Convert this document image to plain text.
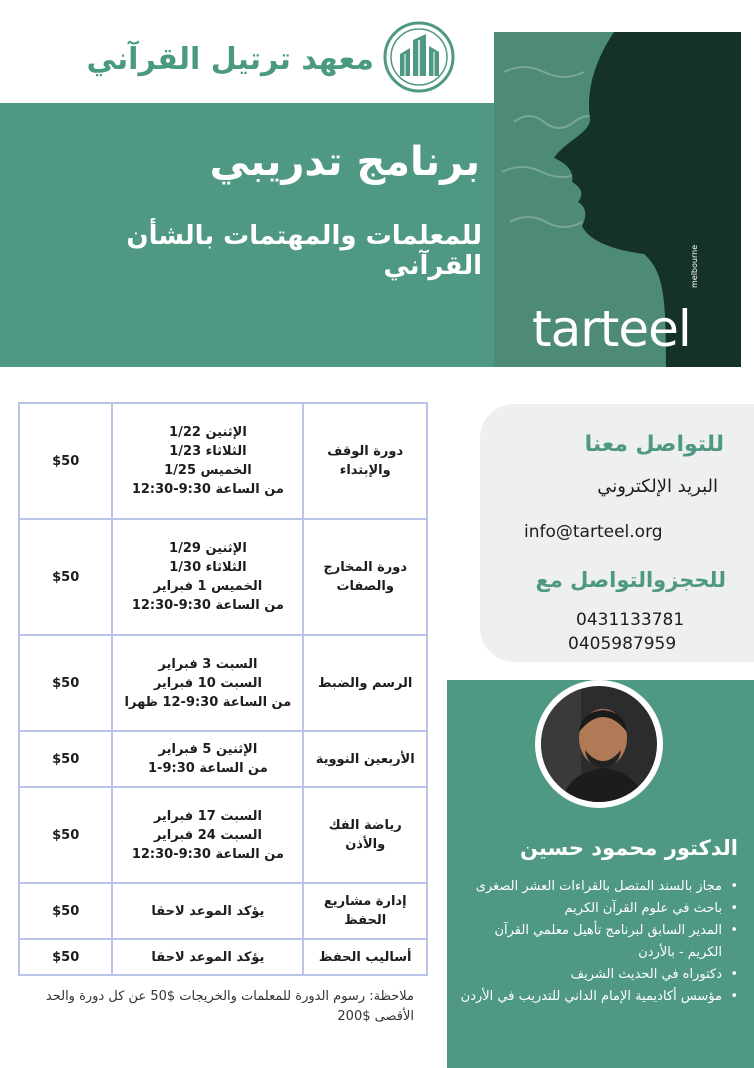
معهد ترتيل القرآني
برنامج تدريبي
للمعلمات والمهتمات بالشأن القرآني
tarteel
melbourne
دورة الوقف والإبتداء	الإثنين 1/22
الثلاثاء 1/23
الخميس 1/25
من الساعة 9:30-12:30	$50
دورة المخارج والصفات	الإثنين 1/29
الثلاثاء 1/30
الخميس 1 فبراير
من الساعة 9:30-12:30	$50
الرسم والضبط	السبت 3 فبراير
السبت 10 فبراير
من الساعة 9:30-12 ظهرا	$50
الأربعين النووية	الإثنين 5 فبراير
من الساعة 9:30-1	$50
رياضة الفك والأذن	السبت 17 فبراير
السبت 24 فبراير
من الساعة 9:30-12:30	$50
إدارة مشاريع الحفظ	يؤكد الموعد لاحقا	$50
أساليب الحفظ	يؤكد الموعد لاحقا	$50
ملاحظة: رسوم الدورة للمعلمات والخريجات $50 عن كل دورة والحد الأقصى $200
للتواصل معنا
البريد الإلكتروني
info@tarteel.org
للحجزوالتواصل مع
0431133781
0405987959
الدكتور محمود حسين
• مجاز بالسند المتصل بالقراءات العشر الصغرى
• باحث في علوم القرآن الكريم
• المدير السابق لبرنامج تأهيل معلمي القرآن الكريم - بالأردن
• دكتوراه في الحديث الشريف
• مؤسس أكاديمية الإمام الداني للتدريب في الأردن
